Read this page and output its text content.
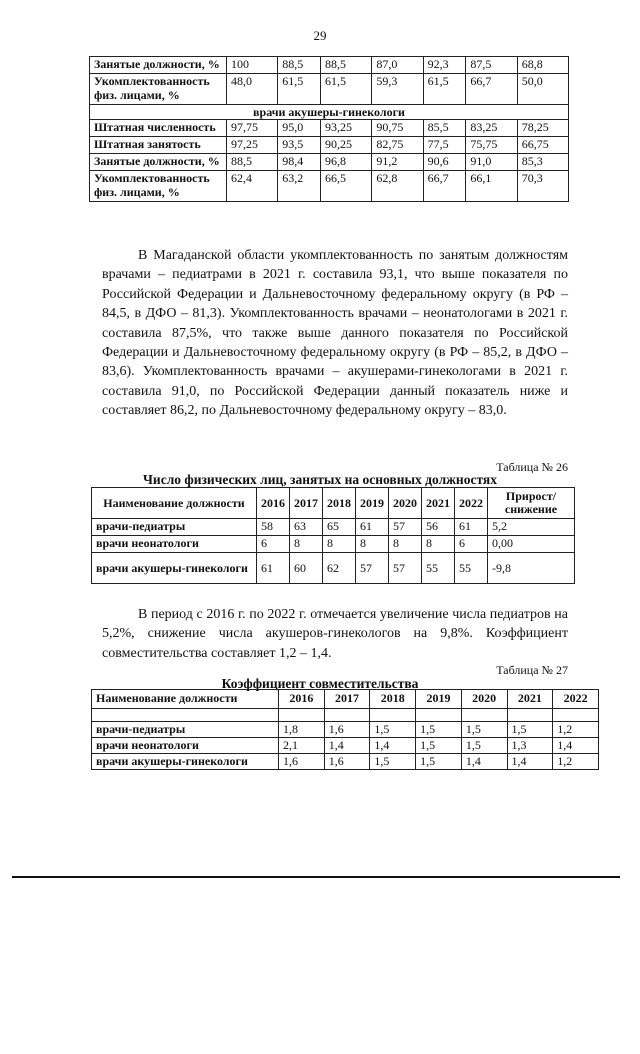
29
Занятые должности, %	100	88,5	88,5	87,0	92,3	87,5	68,8
Укомплектованность физ. лицами, %	48,0	61,5	61,5	59,3	61,5	66,7	50,0
врачи акушеры-гинекологи							
Штатная численность	97,75	95,0	93,25	90,75	85,5	83,25	78,25
Штатная занятость	97,25	93,5	90,25	82,75	77,5	75,75	66,75
Занятые должности, %	88,5	98,4	96,8	91,2	90,6	91,0	85,3
Укомплектованность физ. лицами, %	62,4	63,2	66,5	62,8	66,7	66,1	70,3

В Магаданской области укомплектованность по занятым должностям врачами – педиатрами в 2021 г. составила 93,1, что выше показателя по Российской Федерации и Дальневосточному федеральному округу (в РФ – 84,5, в ДФО – 81,3). Укомплектованность врачами – неонатологами в 2021 г. составила 87,5%, что также выше данного показателя по Российской Федерации и Дальневосточному федеральному округу (в РФ – 85,2, в ДФО – 83,6). Укомплектованность врачами – акушерами-гинекологами в 2021 г. составила 91,0, по Российской Федерации данный показатель ниже и составляет 86,2, по Дальневосточному федеральному округу – 83,0.

Таблица № 26
Число физических лиц, занятых на основных должностях
Наименование должности	2016	2017	2018	2019	2020	2021	2022	Прирост/ снижение
врачи-педиатры	58	63	65	61	57	56	61	5,2
врачи неонатологи	6	8	8	8	8	8	6	0,00
врачи акушеры-гинекологи	61	60	62	57	57	55	55	-9,8

В период с 2016 г. по 2022 г. отмечается увеличение числа педиатров на 5,2%, снижение числа акушеров-гинекологов на 9,8%. Коэффициент совместительства составляет 1,2 – 1,4.

Таблица № 27
Коэффициент совместительства
Наименование должности	2016	2017	2018	2019	2020	2021	2022

врачи-педиатры	1,8	1,6	1,5	1,5	1,5	1,5	1,2
врачи неонатологи	2,1	1,4	1,4	1,5	1,5	1,3	1,4
врачи акушеры-гинекологи	1,6	1,6	1,5	1,5	1,4	1,4	1,2
